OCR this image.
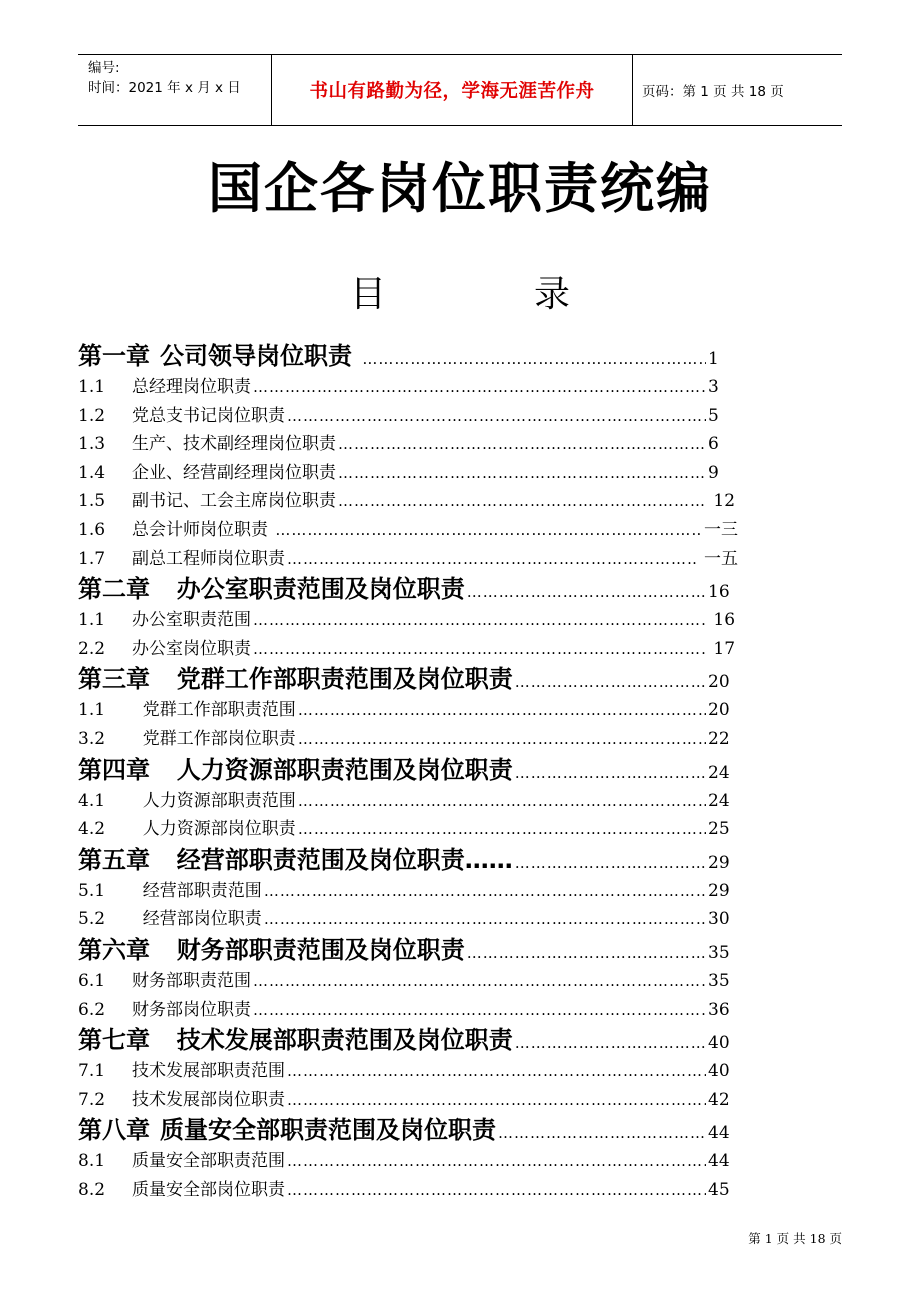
编号:
时间：2021 年 x 月 x 日	书山有路勤为径，学海无涯苦作舟	页码：第 1 页 共 18 页
国企各岗位职责统编
目	录
第一章 公司领导岗位职责 ……………………………………………………………………………………………………………………	1
1.1	总经理岗位职责 ……………………………………………………………………………………………………………………	3
1.2	党总支书记岗位职责 ……………………………………………………………………………………………………………………	5
1.3	生产、技术副经理岗位职责 ……………………………………………………………………………………………………………………	6
1.4	企业、经营副经理岗位职责 ……………………………………………………………………………………………………………………	9
1.5	副书记、工会主席岗位职责 ……………………………………………………………………………………………………………………	12
1.6	总会计师岗位职责 ……………………………………………………………………………………………………………………	一三
1.7	副总工程师岗位职责 ……………………………………………………………………………………………………………………	一五
第二章 办公室职责范围及岗位职责 ……………………………………………………………………………………………………………………	16
1.1	办公室职责范围 ……………………………………………………………………………………………………………………	16
2.2	办公室岗位职责 ……………………………………………………………………………………………………………………	17
第三章 党群工作部职责范围及岗位职责 ……………………………………………………………………………………………………………………	20
1.1	党群工作部职责范围 ……………………………………………………………………………………………………………………	20
3.2	党群工作部岗位职责 ……………………………………………………………………………………………………………………	22
第四章 人力资源部职责范围及岗位职责 ……………………………………………………………………………………………………………………	24
4.1	人力资源部职责范围 ……………………………………………………………………………………………………………………	24
4.2	人力资源部岗位职责 ……………………………………………………………………………………………………………………	25
第五章 经营部职责范围及岗位职责…… ……………………………………………………………………………………………………………………	29
5.1	经营部职责范围 ……………………………………………………………………………………………………………………	29
5.2	经营部岗位职责 ……………………………………………………………………………………………………………………	30
第六章 财务部职责范围及岗位职责 ……………………………………………………………………………………………………………………	35
6.1	财务部职责范围 ……………………………………………………………………………………………………………………	35
6.2	财务部岗位职责 ……………………………………………………………………………………………………………………	36
第七章 技术发展部职责范围及岗位职责 ……………………………………………………………………………………………………………………	40
7.1	技术发展部职责范围 ……………………………………………………………………………………………………………………	40
7.2	技术发展部岗位职责 ……………………………………………………………………………………………………………………	42
第八章 质量安全部职责范围及岗位职责 ……………………………………………………………………………………………………………………	44
8.1	质量安全部职责范围 ……………………………………………………………………………………………………………………	44
8.2	质量安全部岗位职责 ……………………………………………………………………………………………………………………	45
第 1 页 共 18 页
